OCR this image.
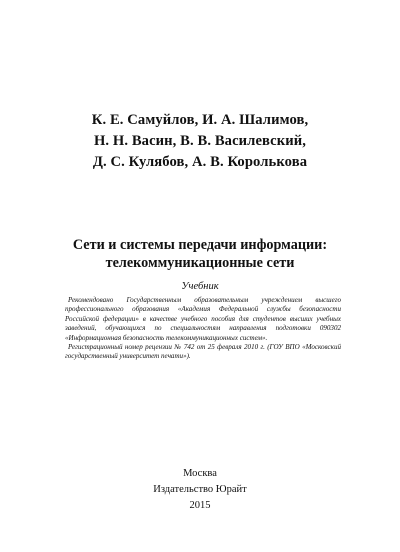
К. Е. Самуйлов, И. А. Шалимов,
Н. Н. Васин, В. В. Василевский,
Д. С. Кулябов, А. В. Королькова
Сети и системы передачи информации:
телекоммуникационные сети
Учебник

Рекомендовано Государственным образовательным учреждением высшего профессионального образования «Академия Федеральной службы безопасности Российской федерации» в качестве учебного пособия для студентов высших учебных заведений, обучающихся по специальностям направления подготовки 090302 «Информационная безопасность телекоммуникационных систем».

Регистрационный номер рецензии № 742 от 25 февраля 2010 г. (ГОУ ВПО «Московский государственный университет печати»).

Москва
Издательство Юрайт
2015
